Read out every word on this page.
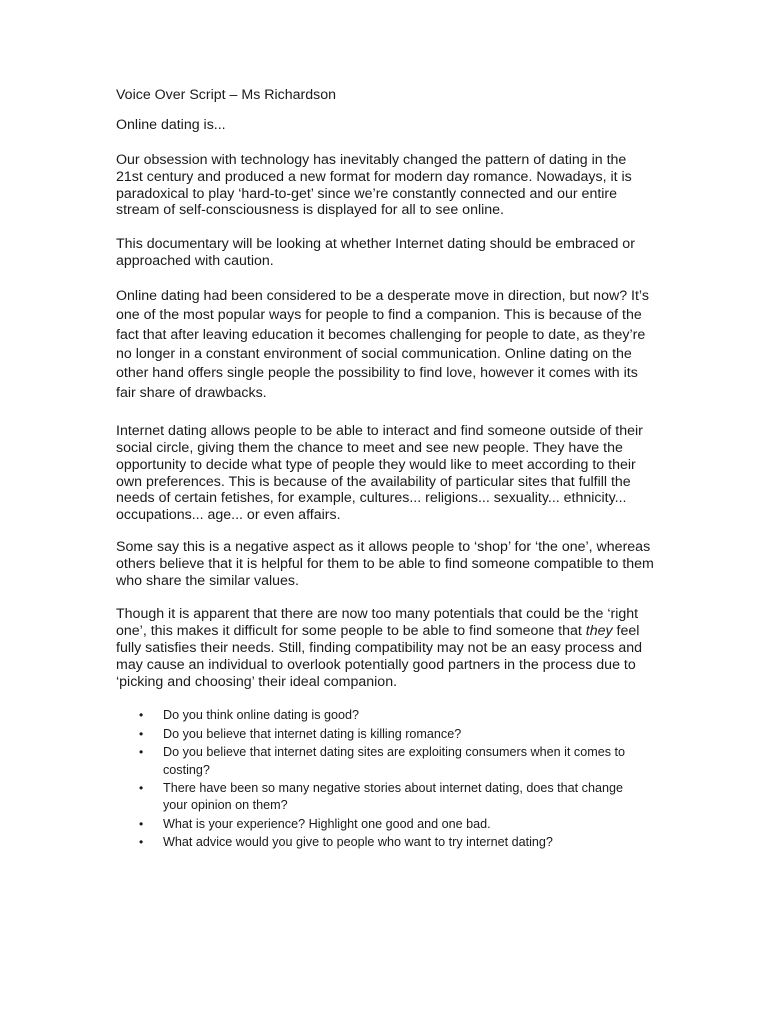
Voice Over Script – Ms Richardson

Online dating is...

Our obsession with technology has inevitably changed the pattern of dating in the 21st century and produced a new format for modern day romance. Nowadays, it is paradoxical to play ‘hard-to-get’ since we’re constantly connected and our entire stream of self-consciousness is displayed for all to see online.

This documentary will be looking at whether Internet dating should be embraced or approached with caution.

Online dating had been considered to be a desperate move in direction, but now? It’s one of the most popular ways for people to find a companion. This is because of the fact that after leaving education it becomes challenging for people to date, as they’re no longer in a constant environment of social communication. Online dating on the other hand offers single people the possibility to find love, however it comes with its fair share of drawbacks.

Internet dating allows people to be able to interact and find someone outside of their social circle, giving them the chance to meet and see new people. They have the opportunity to decide what type of people they would like to meet according to their own preferences. This is because of the availability of particular sites that fulfill the needs of certain fetishes, for example, cultures... religions... sexuality... ethnicity... occupations... age... or even affairs.

Some say this is a negative aspect as it allows people to ‘shop’ for ‘the one’, whereas others believe that it is helpful for them to be able to find someone compatible to them who share the similar values.

Though it is apparent that there are now too many potentials that could be the ‘right one’, this makes it difficult for some people to be able to find someone that they feel fully satisfies their needs. Still, finding compatibility may not be an easy process and may cause an individual to overlook potentially good partners in the process due to ‘picking and choosing’ their ideal companion.

• Do you think online dating is good?
• Do you believe that internet dating is killing romance?
• Do you believe that internet dating sites are exploiting consumers when it comes to costing?
• There have been so many negative stories about internet dating, does that change your opinion on them?
• What is your experience? Highlight one good and one bad.
• What advice would you give to people who want to try internet dating?
